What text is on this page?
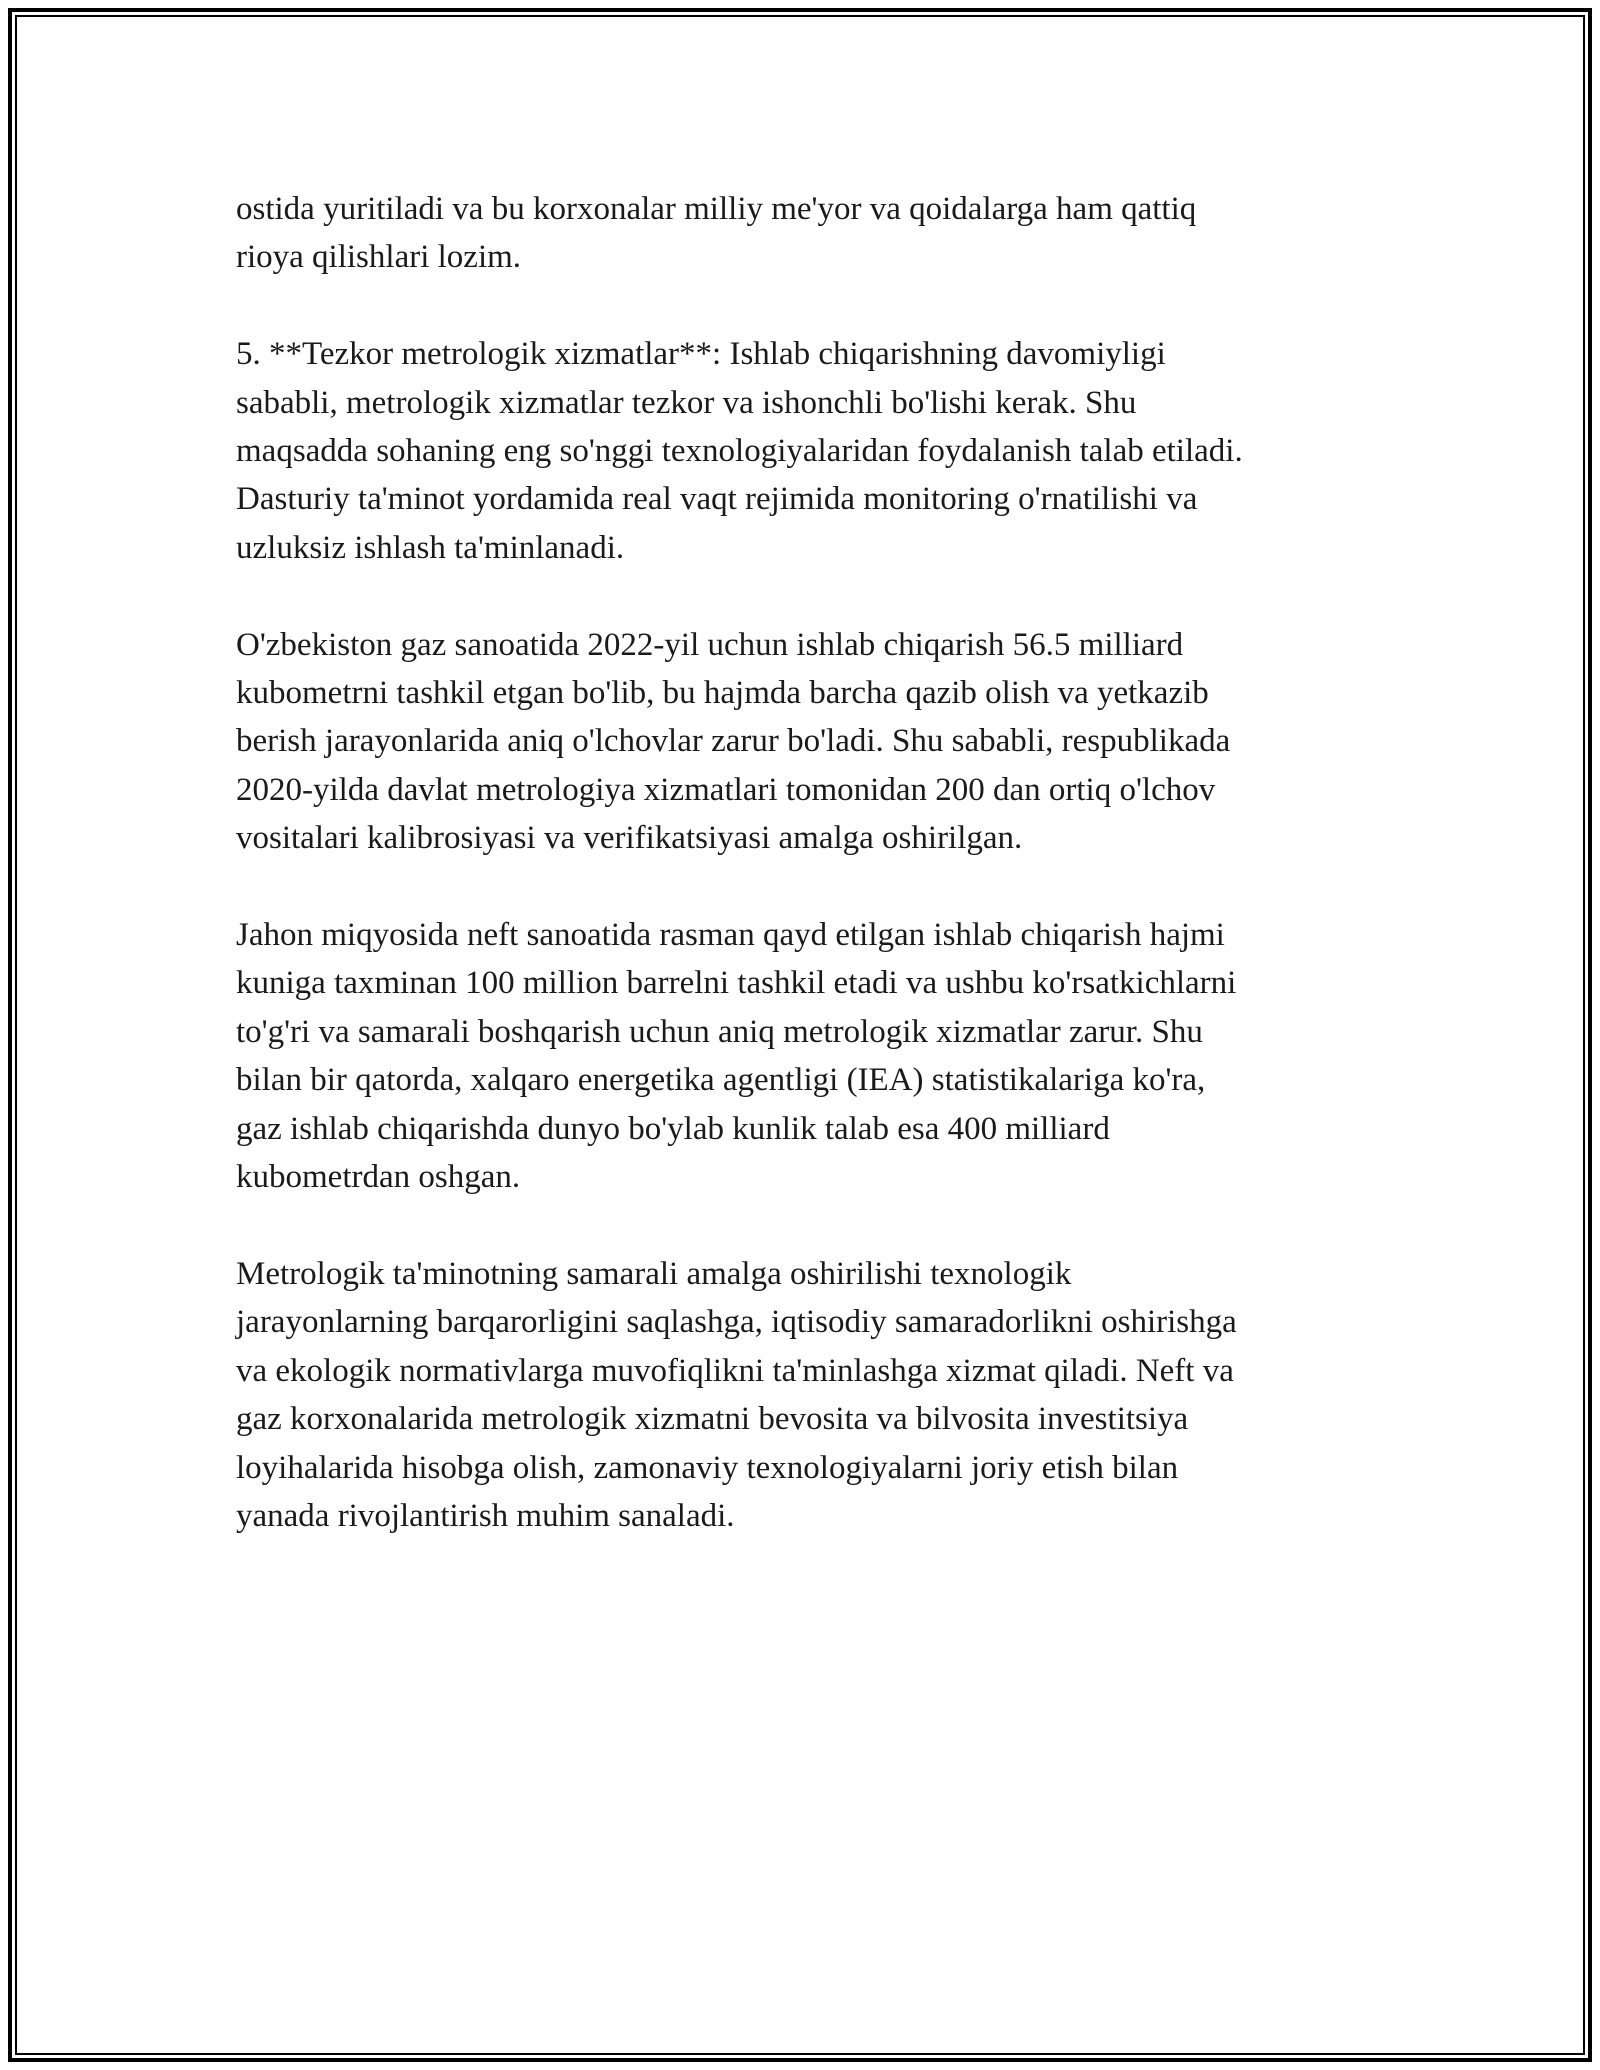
ostida yuritiladi va bu korxonalar milliy me'yor va qoidalarga ham qattiq
rioya qilishlari lozim.

5. **Tezkor metrologik xizmatlar**: Ishlab chiqarishning davomiyligi
sababli, metrologik xizmatlar tezkor va ishonchli bo'lishi kerak. Shu
maqsadda sohaning eng so'nggi texnologiyalaridan foydalanish talab etiladi.
Dasturiy ta'minot yordamida real vaqt rejimida monitoring o'rnatilishi va
uzluksiz ishlash ta'minlanadi.

O'zbekiston gaz sanoatida 2022-yil uchun ishlab chiqarish 56.5 milliard
kubometrni tashkil etgan bo'lib, bu hajmda barcha qazib olish va yetkazib
berish jarayonlarida aniq o'lchovlar zarur bo'ladi. Shu sababli, respublikada
2020-yilda davlat metrologiya xizmatlari tomonidan 200 dan ortiq o'lchov
vositalari kalibrosiyasi va verifikatsiyasi amalga oshirilgan.

Jahon miqyosida neft sanoatida rasman qayd etilgan ishlab chiqarish hajmi
kuniga taxminan 100 million barrelni tashkil etadi va ushbu ko'rsatkichlarni
to'g'ri va samarali boshqarish uchun aniq metrologik xizmatlar zarur. Shu
bilan bir qatorda, xalqaro energetika agentligi (IEA) statistikalariga ko'ra,
gaz ishlab chiqarishda dunyo bo'ylab kunlik talab esa 400 milliard
kubometrdan oshgan.

Metrologik ta'minotning samarali amalga oshirilishi texnologik
jarayonlarning barqarorligini saqlashga, iqtisodiy samaradorlikni oshirishga
va ekologik normativlarga muvofiqlikni ta'minlashga xizmat qiladi. Neft va
gaz korxonalarida metrologik xizmatni bevosita va bilvosita investitsiya
loyihalarida hisobga olish, zamonaviy texnologiyalarni joriy etish bilan
yanada rivojlantirish muhim sanaladi.
